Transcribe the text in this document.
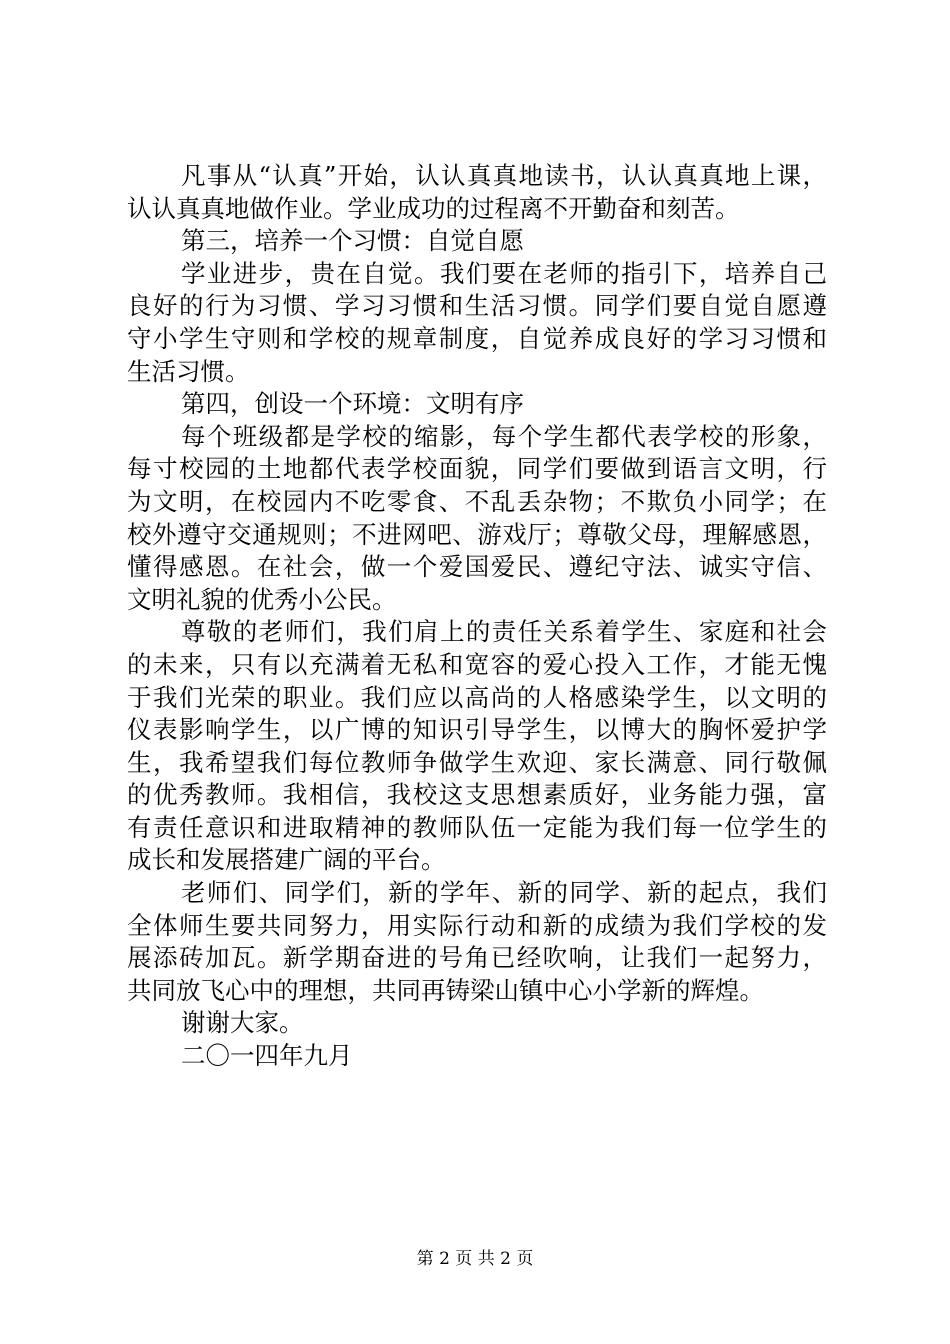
凡事从“认真”开始，认认真真地读书，认认真真地上课，
认认真真地做作业。学业成功的过程离不开勤奋和刻苦。
第三，培养一个习惯：自觉自愿
学业进步，贵在自觉。我们要在老师的指引下，培养自己
良好的行为习惯、学习习惯和生活习惯。同学们要自觉自愿遵
守小学生守则和学校的规章制度，自觉养成良好的学习习惯和
生活习惯。
第四，创设一个环境：文明有序
每个班级都是学校的缩影，每个学生都代表学校的形象，
每寸校园的土地都代表学校面貌，同学们要做到语言文明，行
为文明，在校园内不吃零食、不乱丢杂物；不欺负小同学；在
校外遵守交通规则；不进网吧、游戏厅；尊敬父母，理解感恩，
懂得感恩。在社会，做一个爱国爱民、遵纪守法、诚实守信、
文明礼貌的优秀小公民。
尊敬的老师们，我们肩上的责任关系着学生、家庭和社会
的未来，只有以充满着无私和宽容的爱心投入工作，才能无愧
于我们光荣的职业。我们应以高尚的人格感染学生，以文明的
仪表影响学生，以广博的知识引导学生，以博大的胸怀爱护学
生，我希望我们每位教师争做学生欢迎、家长满意、同行敬佩
的优秀教师。我相信，我校这支思想素质好，业务能力强，富
有责任意识和进取精神的教师队伍一定能为我们每一位学生的
成长和发展搭建广阔的平台。
老师们、同学们，新的学年、新的同学、新的起点，我们
全体师生要共同努力，用实际行动和新的成绩为我们学校的发
展添砖加瓦。新学期奋进的号角已经吹响，让我们一起努力，
共同放飞心中的理想，共同再铸梁山镇中心小学新的辉煌。
谢谢大家。
二〇一四年九月
第 2 页 共 2 页
